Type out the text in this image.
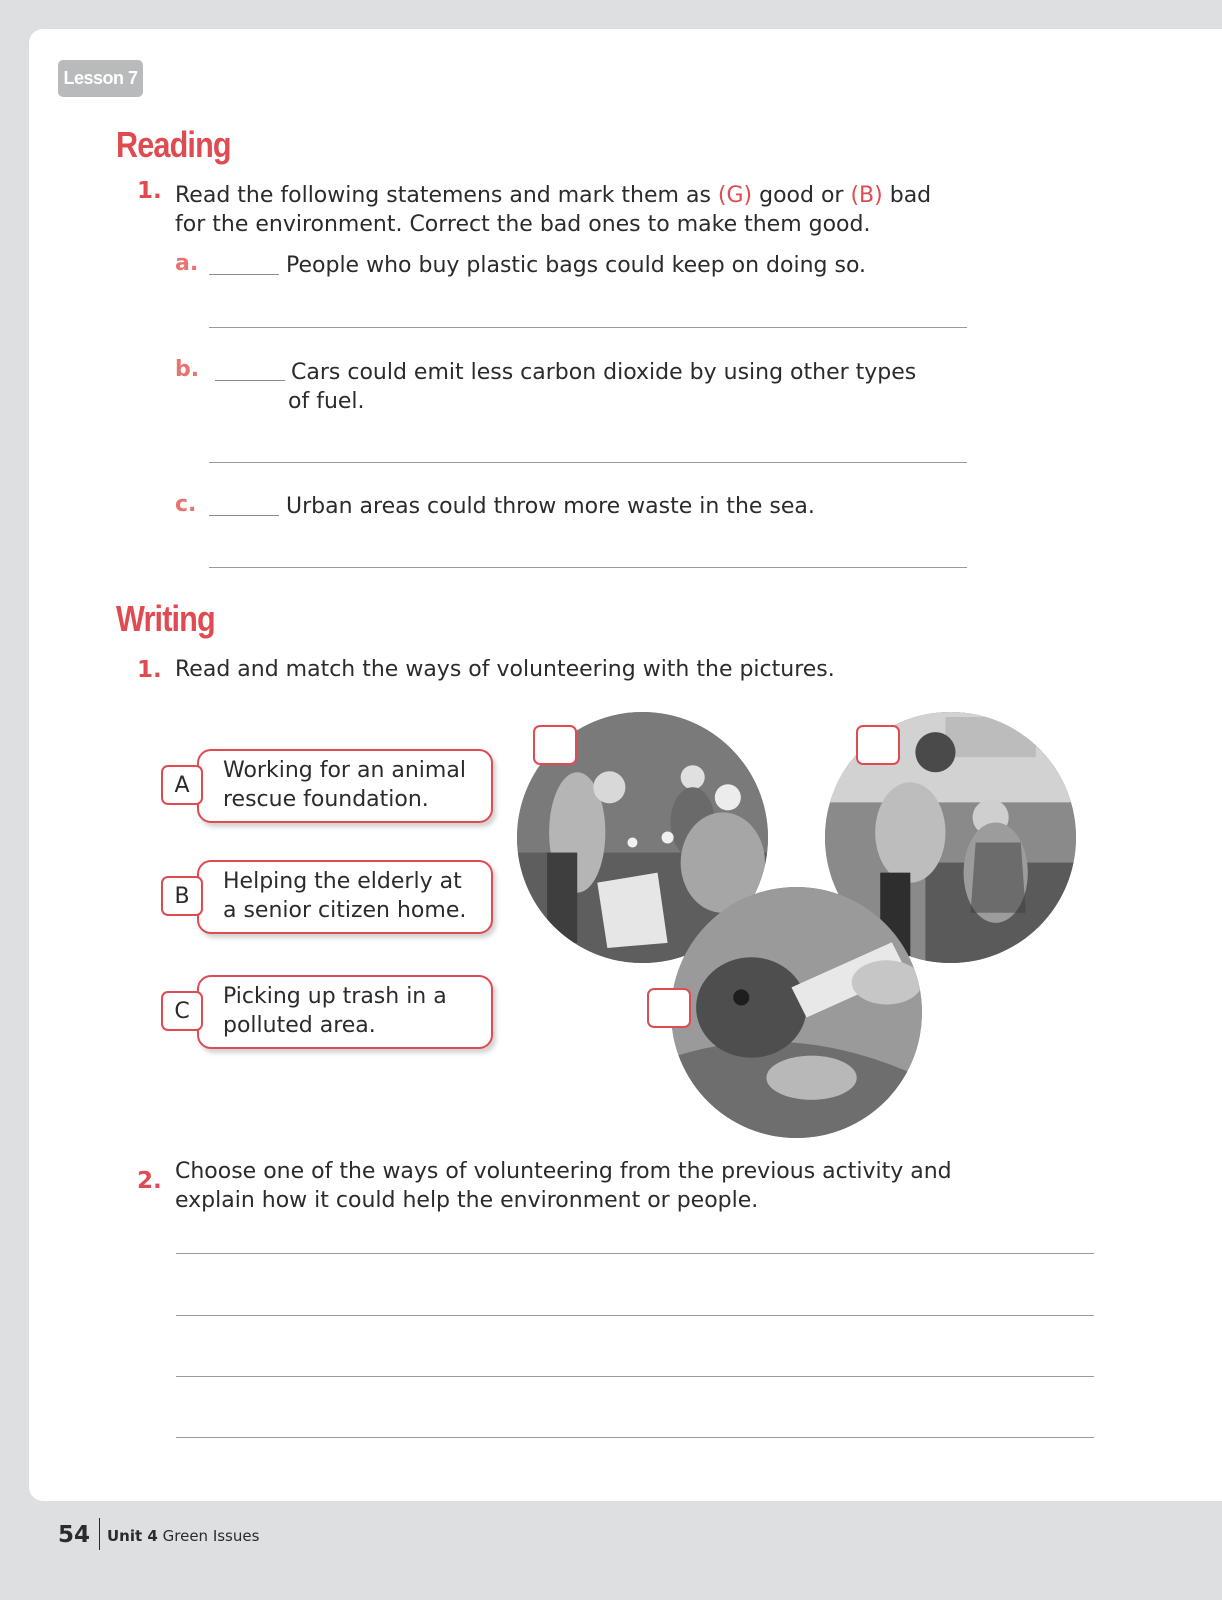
Lesson 7
Reading
1. Read the following statemens and mark them as (G) good or (B) bad
for the environment. Correct the bad ones to make them good.
a.	People who buy plastic bags could keep on doing so.
b.	Cars could emit less carbon dioxide by using other types
of fuel.
c.	Urban areas could throw more waste in the sea.
Writing
1. Read and match the ways of volunteering with the pictures.
Working for an animal
rescue foundation.
A
Helping the elderly at
a senior citizen home.
B
Picking up trash in a
polluted area.
C
2. Choose one of the ways of volunteering from the previous activity and
explain how it could help the environment or people.
54 Unit 4 Green Issues
